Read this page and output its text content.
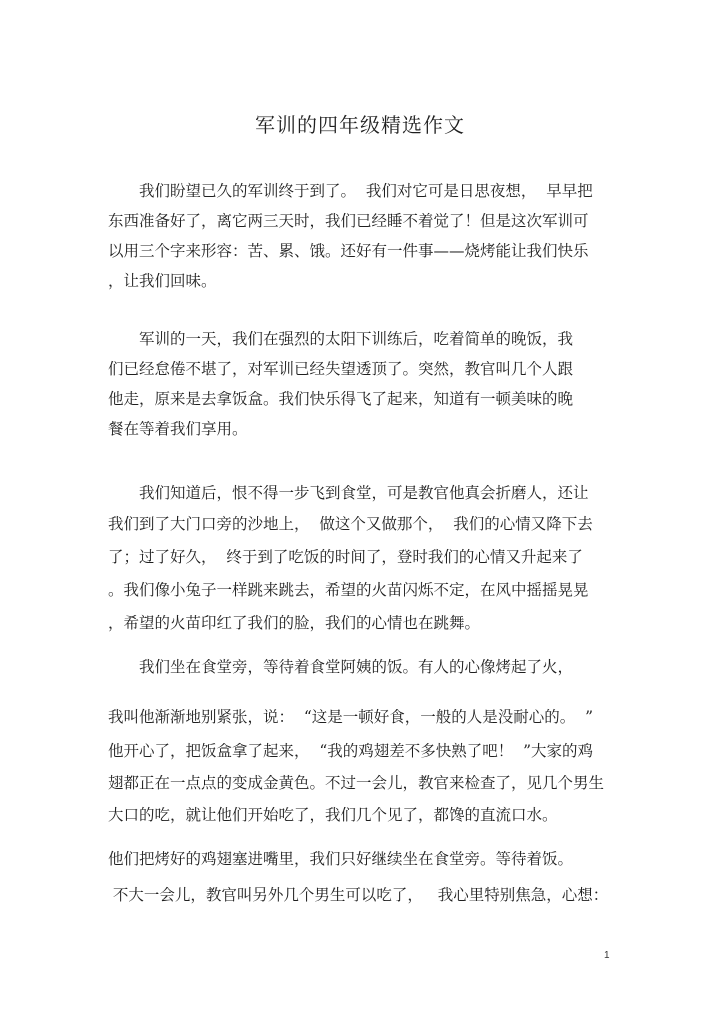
军训的四年级精选作文
　　我们盼望已久的军训终于到了。  我们对它可是日思夜想，  早早把
东西准备好了，离它两三天时，我们已经睡不着觉了！但是这次军训可
以用三个字来形容：苦、累、饿。还好有一件事——烧烤能让我们快乐
，让我们回味。
　　军训的一天，我们在强烈的太阳下训练后，吃着简单的晚饭，我
们已经怠倦不堪了，对军训已经失望透顶了。突然，教官叫几个人跟
他走，原来是去拿饭盒。我们快乐得飞了起来，知道有一顿美味的晚
餐在等着我们享用。
　　我们知道后，恨不得一步飞到食堂，可是教官他真会折磨人，还让
我们到了大门口旁的沙地上，  做这个又做那个，  我们的心情又降下去
了；过了好久，  终于到了吃饭的时间了，登时我们的心情又升起来了
。我们像小兔子一样跳来跳去，希望的火苗闪烁不定，在风中摇摇晃晃
，希望的火苗印红了我们的脸，我们的心情也在跳舞。
　　我们坐在食堂旁，等待着食堂阿姨的饭。有人的心像烤起了火，
我叫他渐渐地别紧张，说：  “这是一顿好食，一般的人是没耐心的。  ”
他开心了，把饭盒拿了起来，  “我的鸡翅差不多快熟了吧！  ”大家的鸡
翅都正在一点点的变成金黄色。不过一会儿，教官来检查了，见几个男生
大口的吃，就让他们开始吃了，我们几个见了，都馋的直流口水。
他们把烤好的鸡翅塞进嘴里，我们只好继续坐在食堂旁。等待着饭。
不大一会儿，教官叫另外几个男生可以吃了，   我心里特别焦急，心想：
1
